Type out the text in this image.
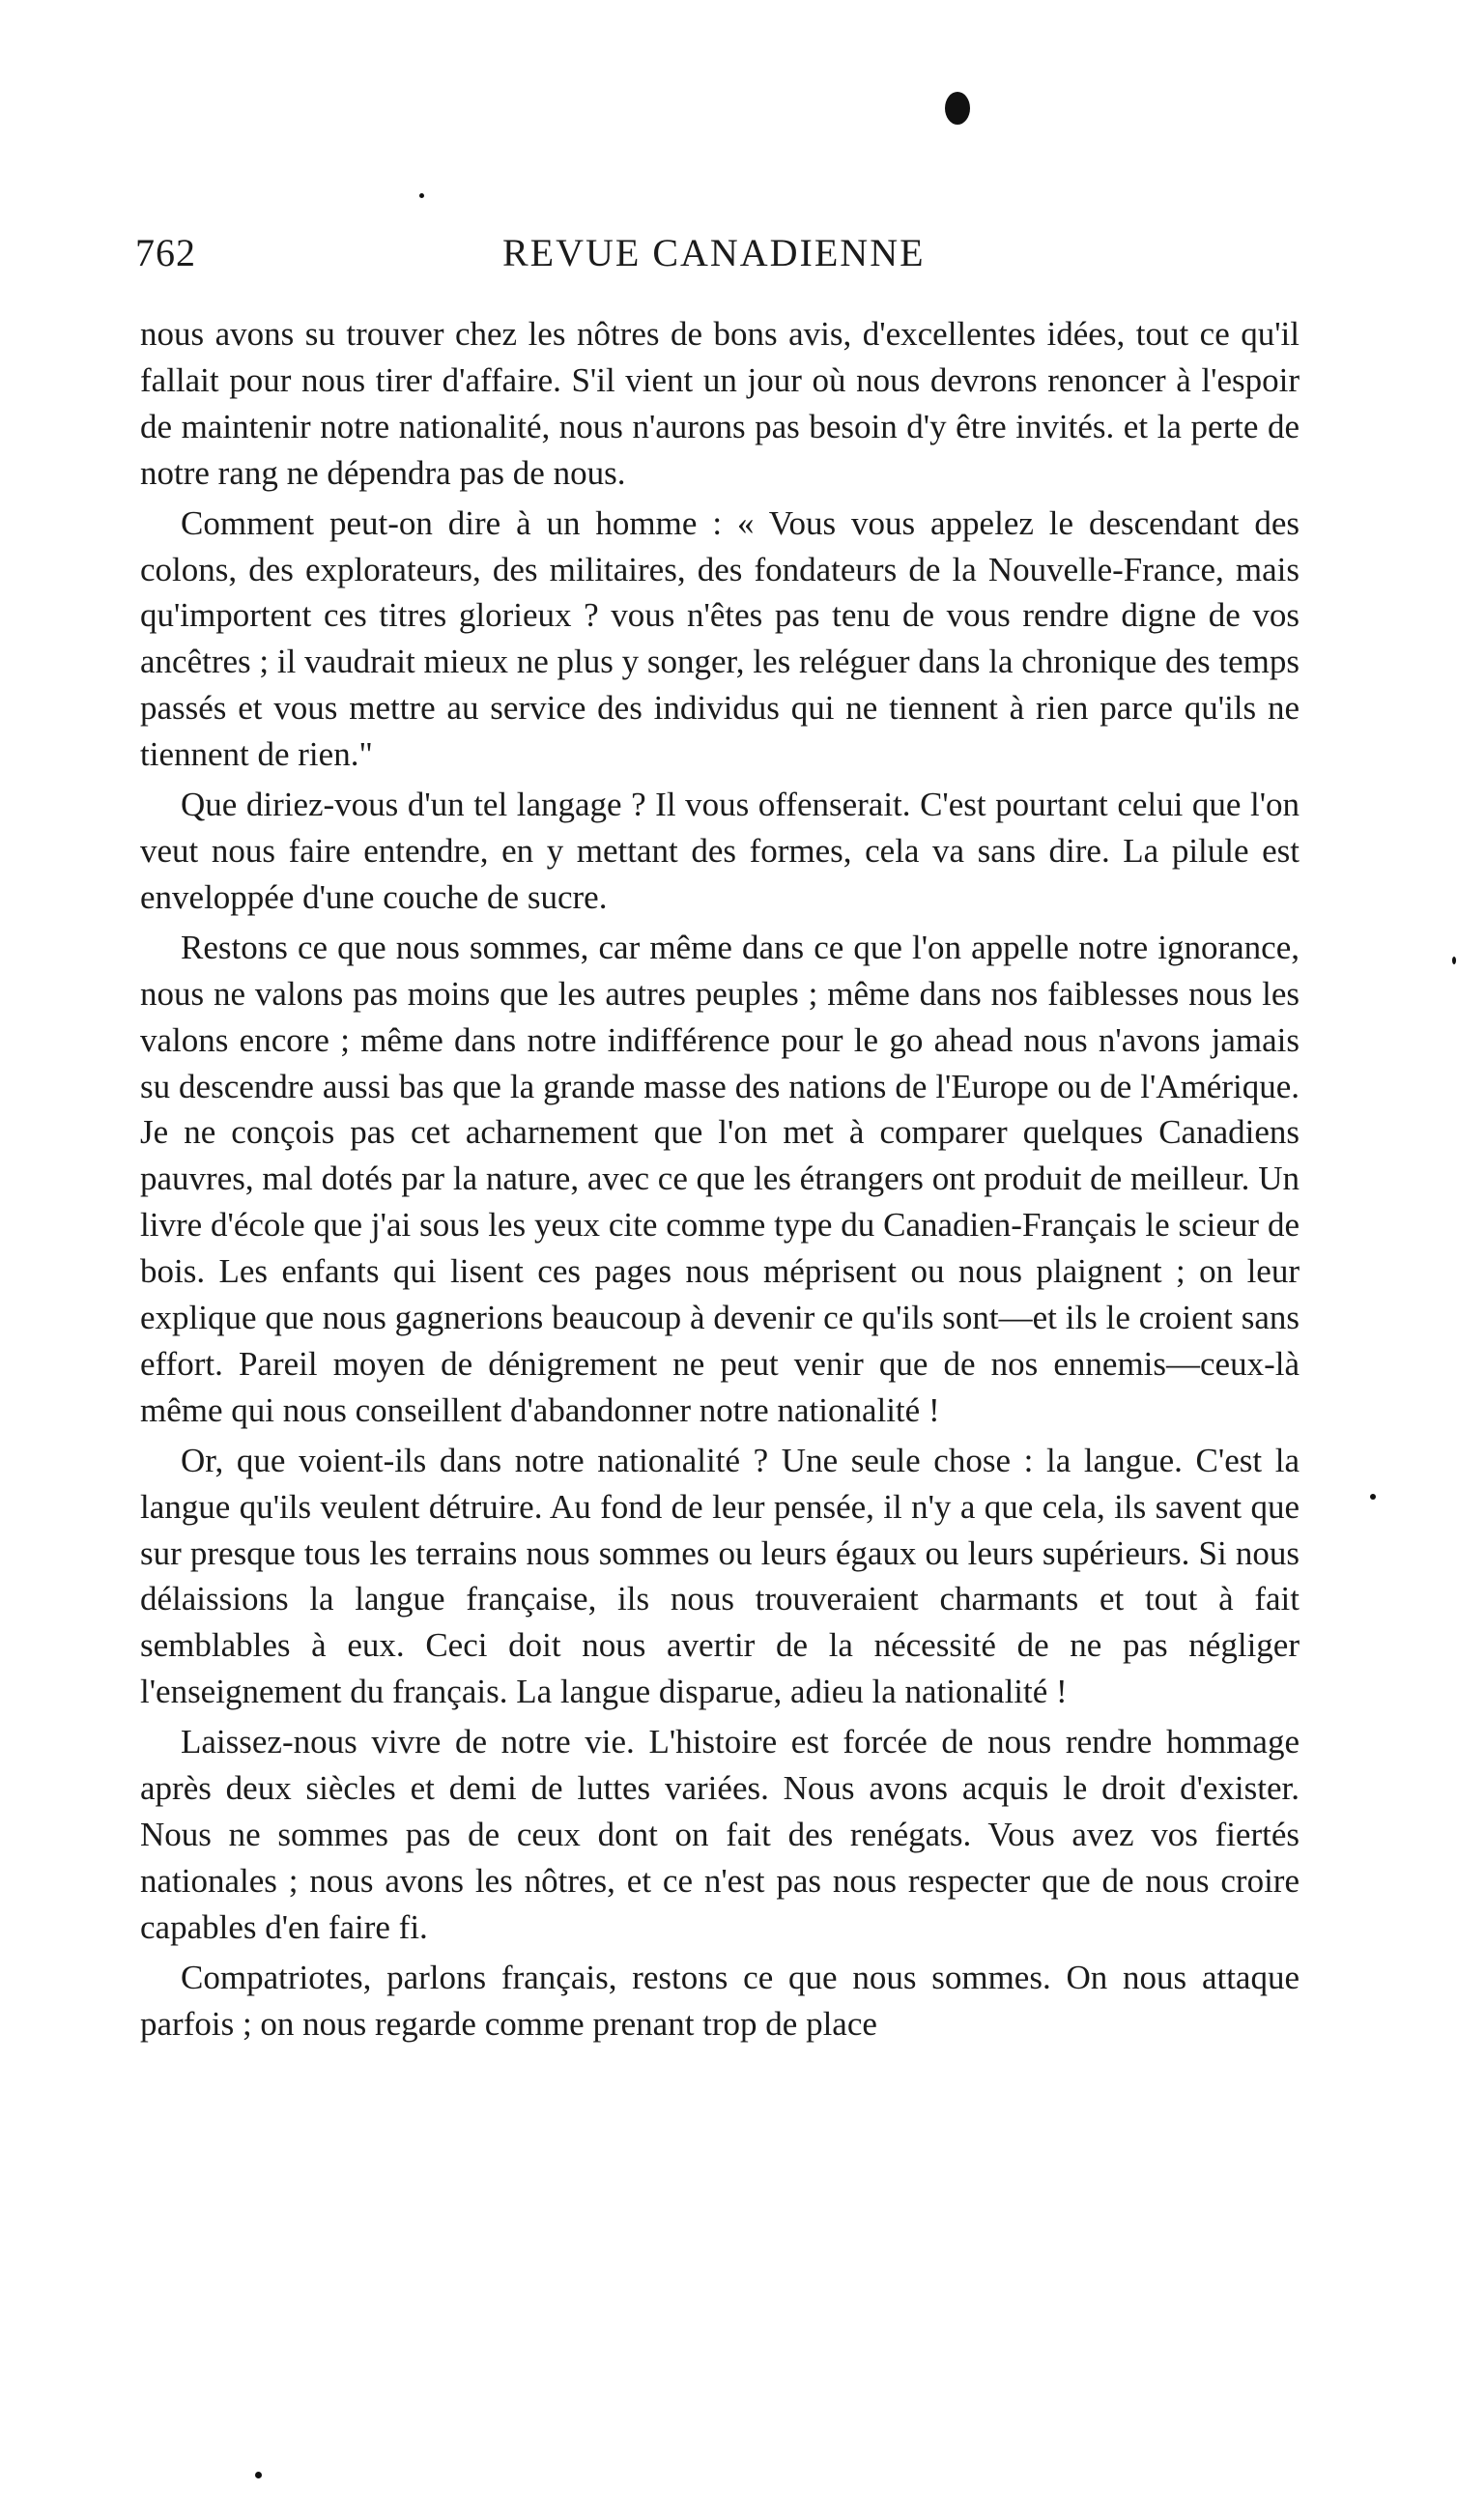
762	REVUE CANADIENNE

nous avons su trouver chez les nôtres de bons avis, d'excellentes idées, tout ce qu'il fallait pour nous tirer d'affaire. S'il vient un jour où nous devrons renoncer à l'espoir de maintenir notre nationalité, nous n'aurons pas besoin d'y être invités. et la perte de notre rang ne dépendra pas de nous.

Comment peut-on dire à un homme : « Vous vous appelez le descendant des colons, des explorateurs, des militaires, des fondateurs de la Nouvelle-France, mais qu'importent ces titres glorieux ? vous n'êtes pas tenu de vous rendre digne de vos ancêtres ; il vaudrait mieux ne plus y songer, les reléguer dans la chronique des temps passés et vous mettre au service des individus qui ne tiennent à rien parce qu'ils ne tiennent de rien."

Que diriez-vous d'un tel langage ? Il vous offenserait. C'est pourtant celui que l'on veut nous faire entendre, en y mettant des formes, cela va sans dire. La pilule est enveloppée d'une couche de sucre.

Restons ce que nous sommes, car même dans ce que l'on appelle notre ignorance, nous ne valons pas moins que les autres peuples ; même dans nos faiblesses nous les valons encore ; même dans notre indifférence pour le go ahead nous n'avons jamais su descendre aussi bas que la grande masse des nations de l'Europe ou de l'Amérique. Je ne conçois pas cet acharnement que l'on met à comparer quelques Canadiens pauvres, mal dotés par la nature, avec ce que les étrangers ont produit de meilleur. Un livre d'école que j'ai sous les yeux cite comme type du Canadien-Français le scieur de bois. Les enfants qui lisent ces pages nous méprisent ou nous plaignent ; on leur explique que nous gagnerions beaucoup à devenir ce qu'ils sont—et ils le croient sans effort. Pareil moyen de dénigrement ne peut venir que de nos ennemis—ceux-là même qui nous conseillent d'abandonner notre nationalité !

Or, que voient-ils dans notre nationalité ? Une seule chose : la langue. C'est la langue qu'ils veulent détruire. Au fond de leur pensée, il n'y a que cela, ils savent que sur presque tous les terrains nous sommes ou leurs égaux ou leurs supérieurs. Si nous délaissions la langue française, ils nous trouveraient charmants et tout à fait semblables à eux. Ceci doit nous avertir de la nécessité de ne pas négliger l'enseignement du français. La langue disparue, adieu la nationalité !

Laissez-nous vivre de notre vie. L'histoire est forcée de nous rendre hommage après deux siècles et demi de luttes variées. Nous avons acquis le droit d'exister. Nous ne sommes pas de ceux dont on fait des renégats. Vous avez vos fiertés nationales ; nous avons les nôtres, et ce n'est pas nous respecter que de nous croire capables d'en faire fi.

Compatriotes, parlons français, restons ce que nous sommes. On nous attaque parfois ; on nous regarde comme prenant trop de place
